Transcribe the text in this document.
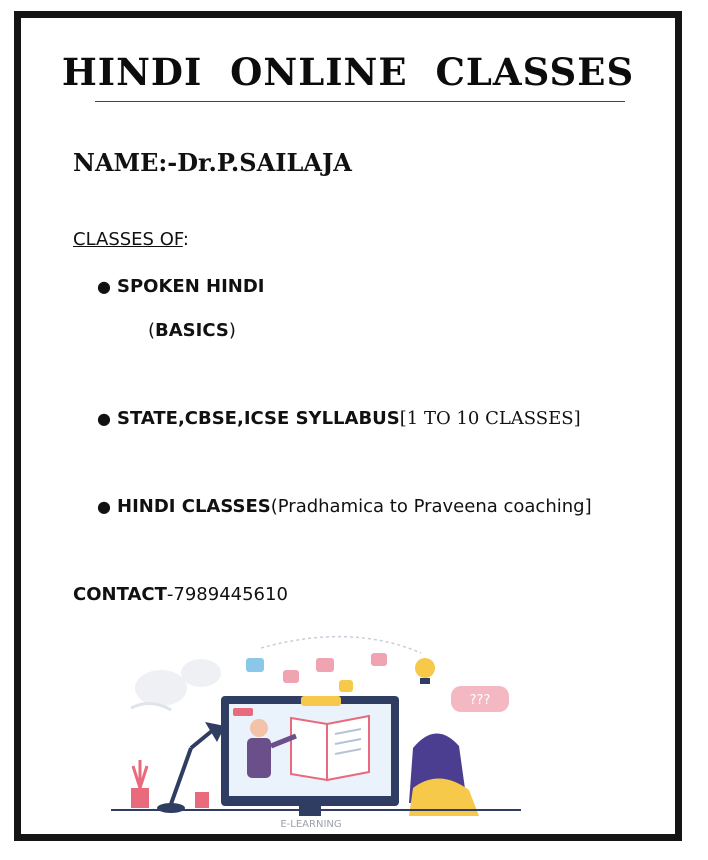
HINDI ONLINE CLASSES
NAME:-Dr.P.SAILAJA
CLASSES OF:
● SPOKEN HINDI
(BASICS)
● STATE,CBSE,ICSE SYLLABUS[1 TO 10 CLASSES]
● HINDI CLASSES(Pradhamica to Praveena coaching]
CONTACT-7989445610
???
E-LEARNING
